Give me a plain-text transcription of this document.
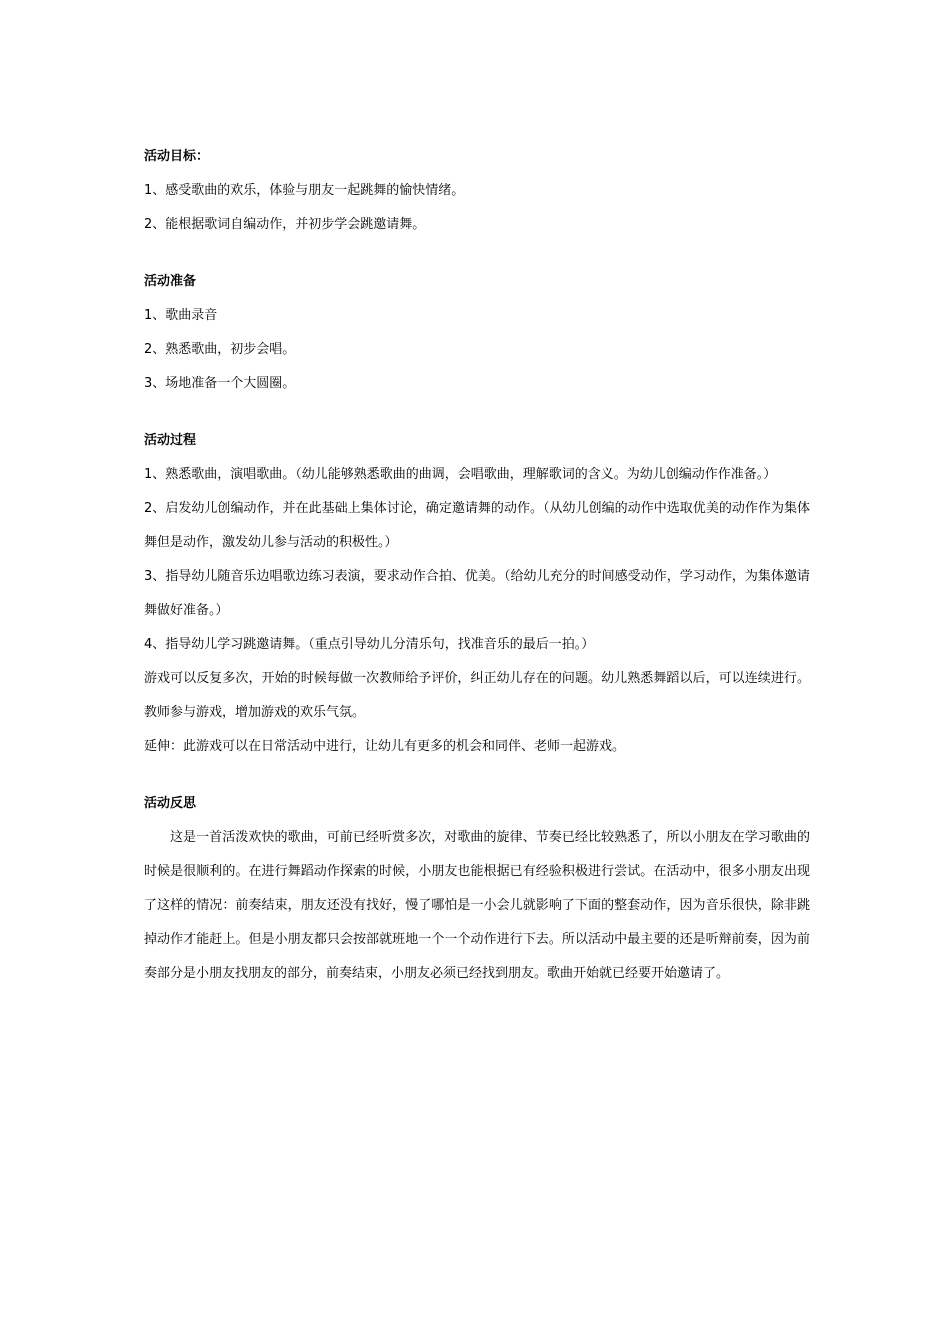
活动目标：

1、感受歌曲的欢乐，体验与朋友一起跳舞的愉快情绪。

2、能根据歌词自编动作，并初步学会跳邀请舞。

活动准备

1、歌曲录音

2、熟悉歌曲，初步会唱。

3、场地准备一个大圆圈。

活动过程

1、熟悉歌曲，演唱歌曲。（幼儿能够熟悉歌曲的曲调，会唱歌曲，理解歌词的含义。为幼儿创编动作作准备。）

2、启发幼儿创编动作，并在此基础上集体讨论，确定邀请舞的动作。（从幼儿创编的动作中选取优美的动作作为集体舞但是动作，激发幼儿参与活动的积极性。）

3、指导幼儿随音乐边唱歌边练习表演，要求动作合拍、优美。（给幼儿充分的时间感受动作，学习动作，为集体邀请舞做好准备。）

4、指导幼儿学习跳邀请舞。（重点引导幼儿分清乐句，找准音乐的最后一拍。）

游戏可以反复多次，开始的时候每做一次教师给予评价，纠正幼儿存在的问题。幼儿熟悉舞蹈以后，可以连续进行。教师参与游戏，增加游戏的欢乐气氛。

延伸：此游戏可以在日常活动中进行，让幼儿有更多的机会和同伴、老师一起游戏。

活动反思

这是一首活泼欢快的歌曲，可前已经听赏多次，对歌曲的旋律、节奏已经比较熟悉了，所以小朋友在学习歌曲的时候是很顺利的。在进行舞蹈动作探索的时候，小朋友也能根据已有经验积极进行尝试。在活动中，很多小朋友出现了这样的情况：前奏结束，朋友还没有找好，慢了哪怕是一小会儿就影响了下面的整套动作，因为音乐很快，除非跳掉动作才能赶上。但是小朋友都只会按部就班地一个一个动作进行下去。所以活动中最主要的还是听辩前奏，因为前奏部分是小朋友找朋友的部分，前奏结束，小朋友必须已经找到朋友。歌曲开始就已经要开始邀请了。
